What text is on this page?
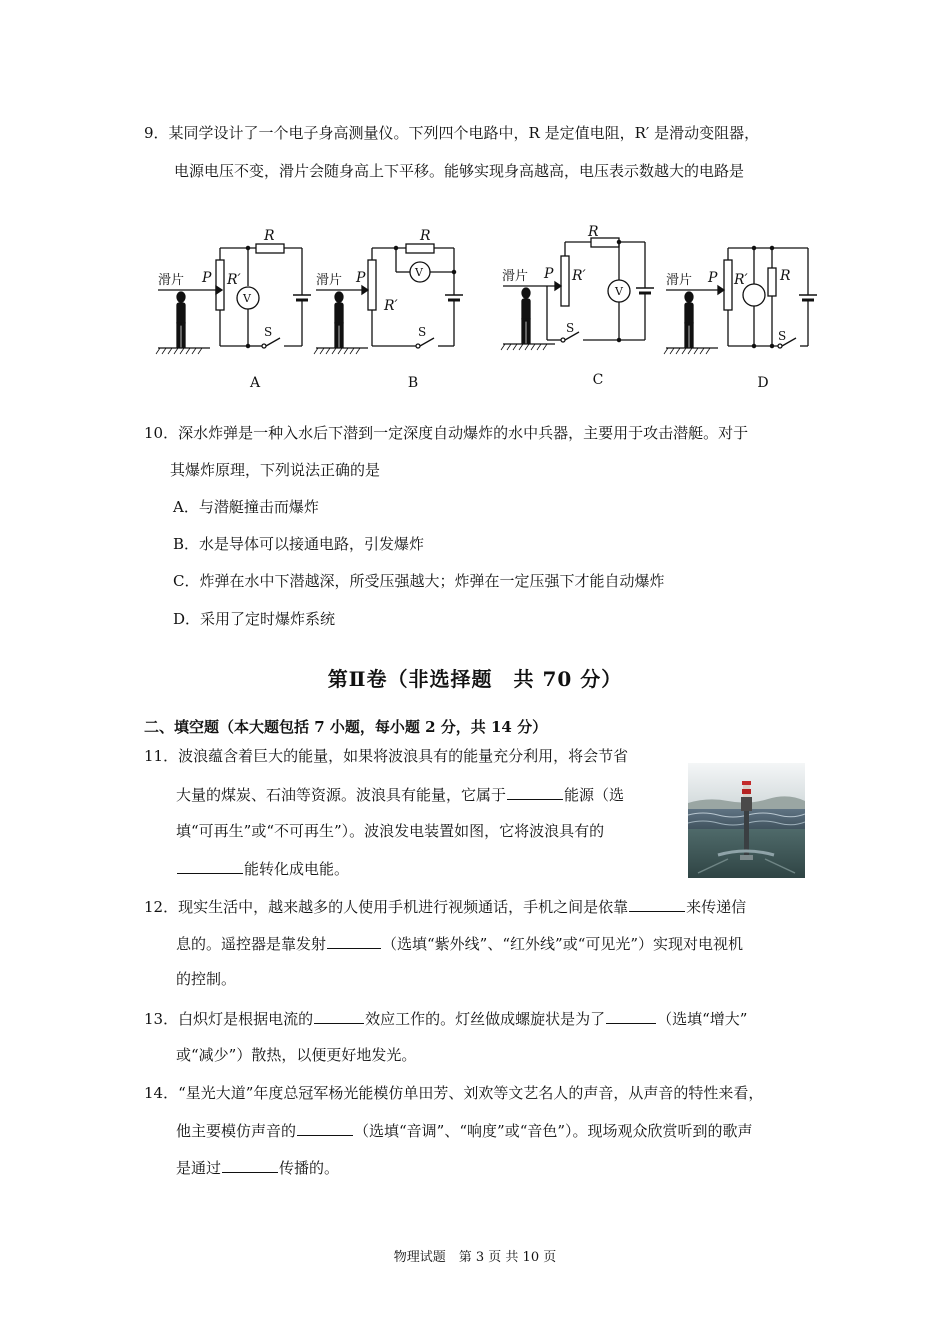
9．某同学设计了一个电子身高测量仪。下列四个电路中，R 是定值电阻，R′ 是滑动变阻器，
电源电压不变，滑片会随身高上下平移。能够实现身高越高，电压表示数越大的电路是
滑片 P R′
R
V
S
滑片 P
R′
R
V
S
滑片 P R′
R
V
S
滑片 P R′ R
S
A	B	C	D
10．深水炸弹是一种入水后下潜到一定深度自动爆炸的水中兵器，主要用于攻击潜艇。对于
其爆炸原理，下列说法正确的是
A．与潜艇撞击而爆炸
B．水是导体可以接通电路，引发爆炸
C．炸弹在水中下潜越深，所受压强越大；炸弹在一定压强下才能自动爆炸
D．采用了定时爆炸系统
第Ⅱ卷（非选择题　共 70 分）
二、填空题（本大题包括 7 小题，每小题 2 分，共 14 分）
11．波浪蕴含着巨大的能量，如果将波浪具有的能量充分利用，将会节省
大量的煤炭、石油等资源。波浪具有能量，它属于	能源（选
填“可再生”或“不可再生”）。波浪发电装置如图，它将波浪具有的
能转化成电能。
12．现实生活中，越来越多的人使用手机进行视频通话，手机之间是依靠	来传递信
息的。遥控器是靠发射	（选填“紫外线”、“红外线”或“可见光”）实现对电视机
的控制。
13．白炽灯是根据电流的	效应工作的。灯丝做成螺旋状是为了	（选填“增大”
或“减少”）散热，以便更好地发光。
14．“星光大道”年度总冠军杨光能模仿单田芳、刘欢等文艺名人的声音，从声音的特性来看，
他主要模仿声音的	（选填“音调”、“响度”或“音色”）。现场观众欣赏听到的歌声
是通过	传播的。
物理试题　第 3 页 共 10 页
